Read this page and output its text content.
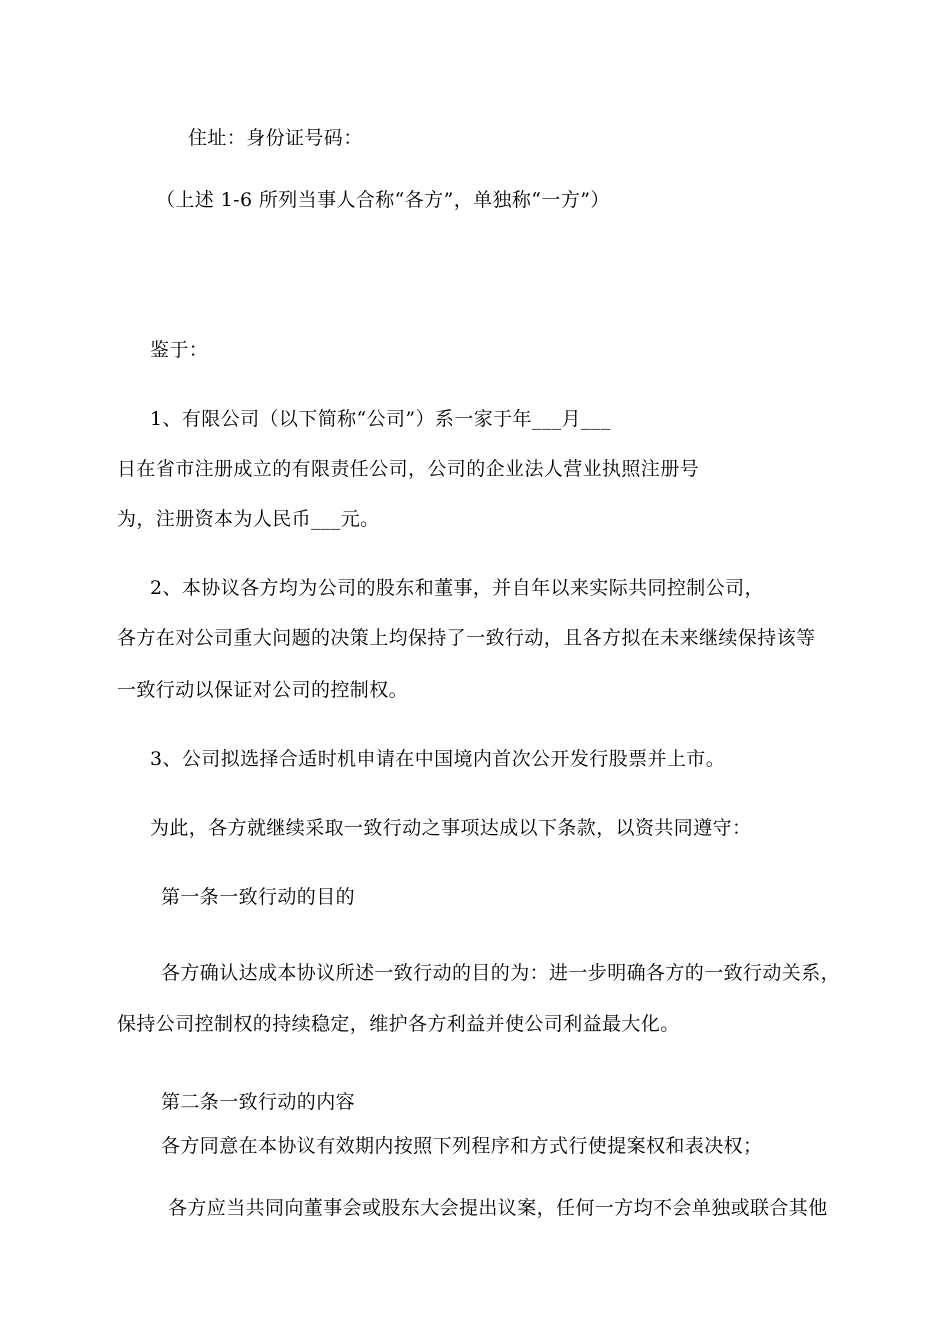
住址：身份证号码：
（上述 1-6 所列当事人合称“各方”，单独称“一方”）
鉴于：
1、有限公司（以下简称“公司”）系一家于年___月___
日在省市注册成立的有限责任公司，公司的企业法人营业执照注册号
为，注册资本为人民币___元。
2、本协议各方均为公司的股东和董事，并自年以来实际共同控制公司，
各方在对公司重大问题的决策上均保持了一致行动，且各方拟在未来继续保持该等
一致行动以保证对公司的控制权。
3、公司拟选择合适时机申请在中国境内首次公开发行股票并上市。
为此，各方就继续采取一致行动之事项达成以下条款，以资共同遵守：
第一条一致行动的目的
各方确认达成本协议所述一致行动的目的为：进一步明确各方的一致行动关系，
保持公司控制权的持续稳定，维护各方利益并使公司利益最大化。
第二条一致行动的内容
各方同意在本协议有效期内按照下列程序和方式行使提案权和表决权；
各方应当共同向董事会或股东大会提出议案，任何一方均不会单独或联合其他
